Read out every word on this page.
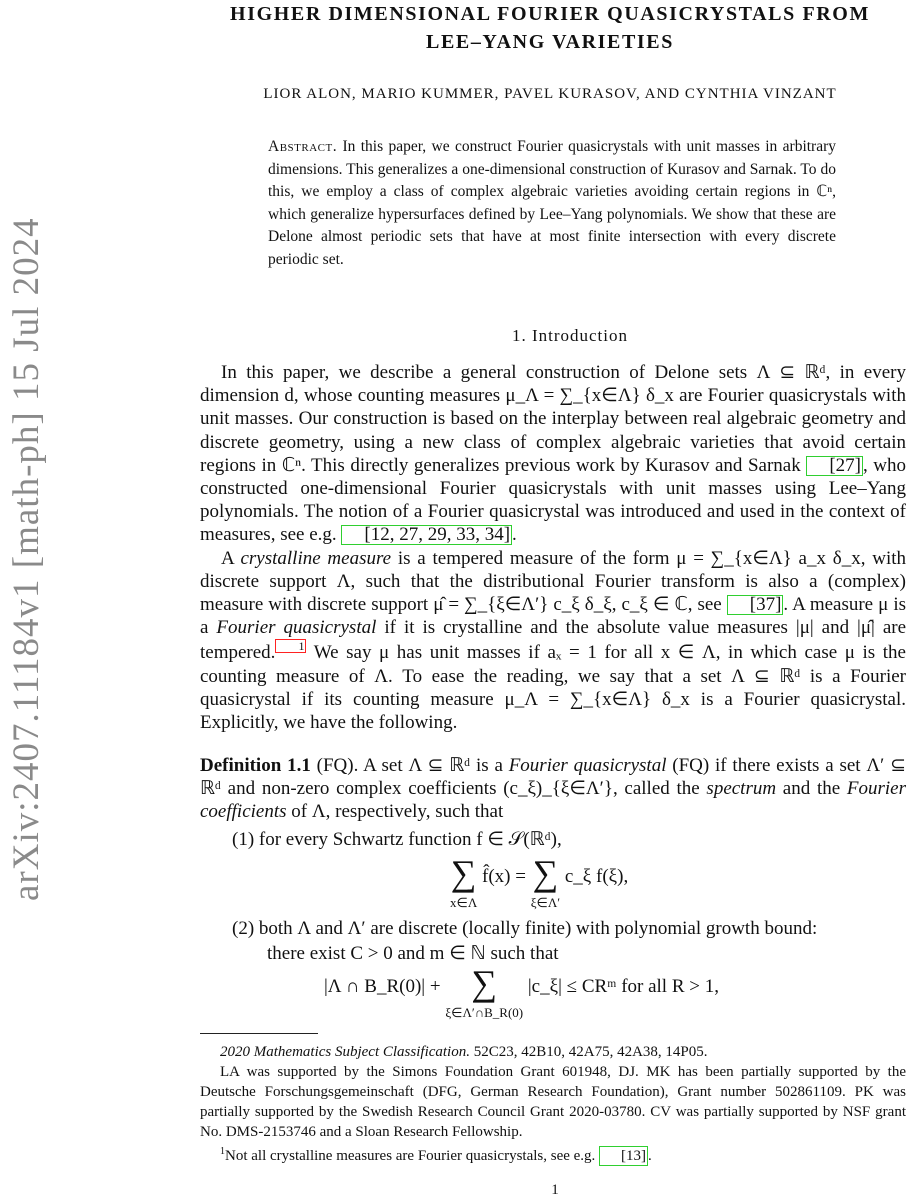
arXiv:2407.11184v1 [math-ph] 15 Jul 2024
HIGHER DIMENSIONAL FOURIER QUASICRYSTALS FROM
LEE–YANG VARIETIES
LIOR ALON, MARIO KUMMER, PAVEL KURASOV, AND CYNTHIA VINZANT
Abstract. In this paper, we construct Fourier quasicrystals with unit masses in arbitrary dimensions. This generalizes a one-dimensional construction of Kurasov and Sarnak. To do this, we employ a class of complex algebraic varieties avoiding certain regions in ℂⁿ, which generalize hypersurfaces defined by Lee–Yang polynomials. We show that these are Delone almost periodic sets that have at most finite intersection with every discrete periodic set.
1. Introduction

In this paper, we describe a general construction of Delone sets Λ ⊆ ℝᵈ, in every dimension d, whose counting measures μ_Λ = ∑_{x∈Λ} δ_x are Fourier quasicrystals with unit masses. Our construction is based on the interplay between real algebraic geometry and discrete geometry, using a new class of complex algebraic varieties that avoid certain regions in ℂⁿ. This directly generalizes previous work by Kurasov and Sarnak [27] , who constructed one-dimensional Fourier quasicrystals with unit masses using Lee–Yang polynomials. The notion of a Fourier quasicrystal was introduced and used in the context of measures, see e.g. [12, 27, 29, 33, 34] .

A crystalline measure is a tempered measure of the form μ = ∑_{x∈Λ} a_x δ_x, with discrete support Λ, such that the distributional Fourier transform is also a (complex) measure with discrete support μ̂ = ∑_{ξ∈Λ′} c_ξ δ_ξ, c_ξ ∈ ℂ, see [37] . A measure μ is a Fourier quasicrystal if it is crystalline and the absolute value measures |μ| and |μ̂| are tempered. 1 We say μ has unit masses if aₓ = 1 for all x ∈ Λ, in which case μ is the counting measure of Λ. To ease the reading, we say that a set Λ ⊆ ℝᵈ is a Fourier quasicrystal if its counting measure μ_Λ = ∑_{x∈Λ} δ_x is a Fourier quasicrystal. Explicitly, we have the following.

Definition 1.1 (FQ). A set Λ ⊆ ℝᵈ is a Fourier quasicrystal (FQ) if there exists a set Λ′ ⊆ ℝᵈ and non-zero complex coefficients (c_ξ)_{ξ∈Λ′}, called the spectrum and the Fourier coefficients of Λ, respectively, such that

(1) for every Schwartz function f ∈ 𝒮(ℝᵈ),
∑
x∈Λ f̂(x) = ∑
ξ∈Λ′ c_ξ f(ξ),
(2) both Λ and Λ′ are discrete (locally finite) with polynomial growth bound:
there exist C > 0 and m ∈ ℕ such that
|Λ ∩ B_R(0)| + ∑
ξ∈Λ′∩B_R(0) |c_ξ| ≤ CRᵐ for all R > 1,

2020 Mathematics Subject Classification. 52C23, 42B10, 42A75, 42A38, 14P05.

LA was supported by the Simons Foundation Grant 601948, DJ. MK has been partially supported by the Deutsche Forschungsgemeinschaft (DFG, German Research Foundation), Grant number 502861109. PK was partially supported by the Swedish Research Council Grant 2020-03780. CV was partially supported by NSF grant No. DMS-2153746 and a Sloan Research Fellowship.

$^1$Not all crystalline measures are Fourier quasicrystals, see e.g. [13] .

1
